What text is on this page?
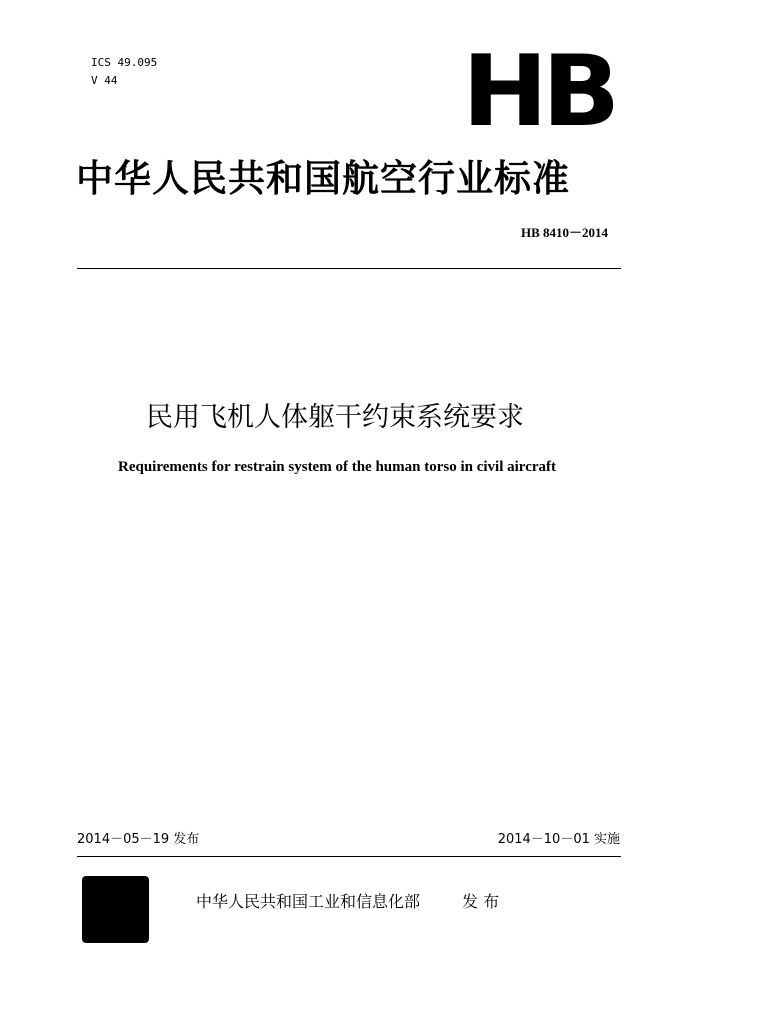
ICS 49.095
V 44	HB
中华人民共和国航空行业标准
HB 8410－2014
民用飞机人体躯干约束系统要求
Requirements for restrain system of the human torso in civil aircraft
2014－05－19 发布	2014－10－01 实施
中华人民共和国工业和信息化部	发 布
